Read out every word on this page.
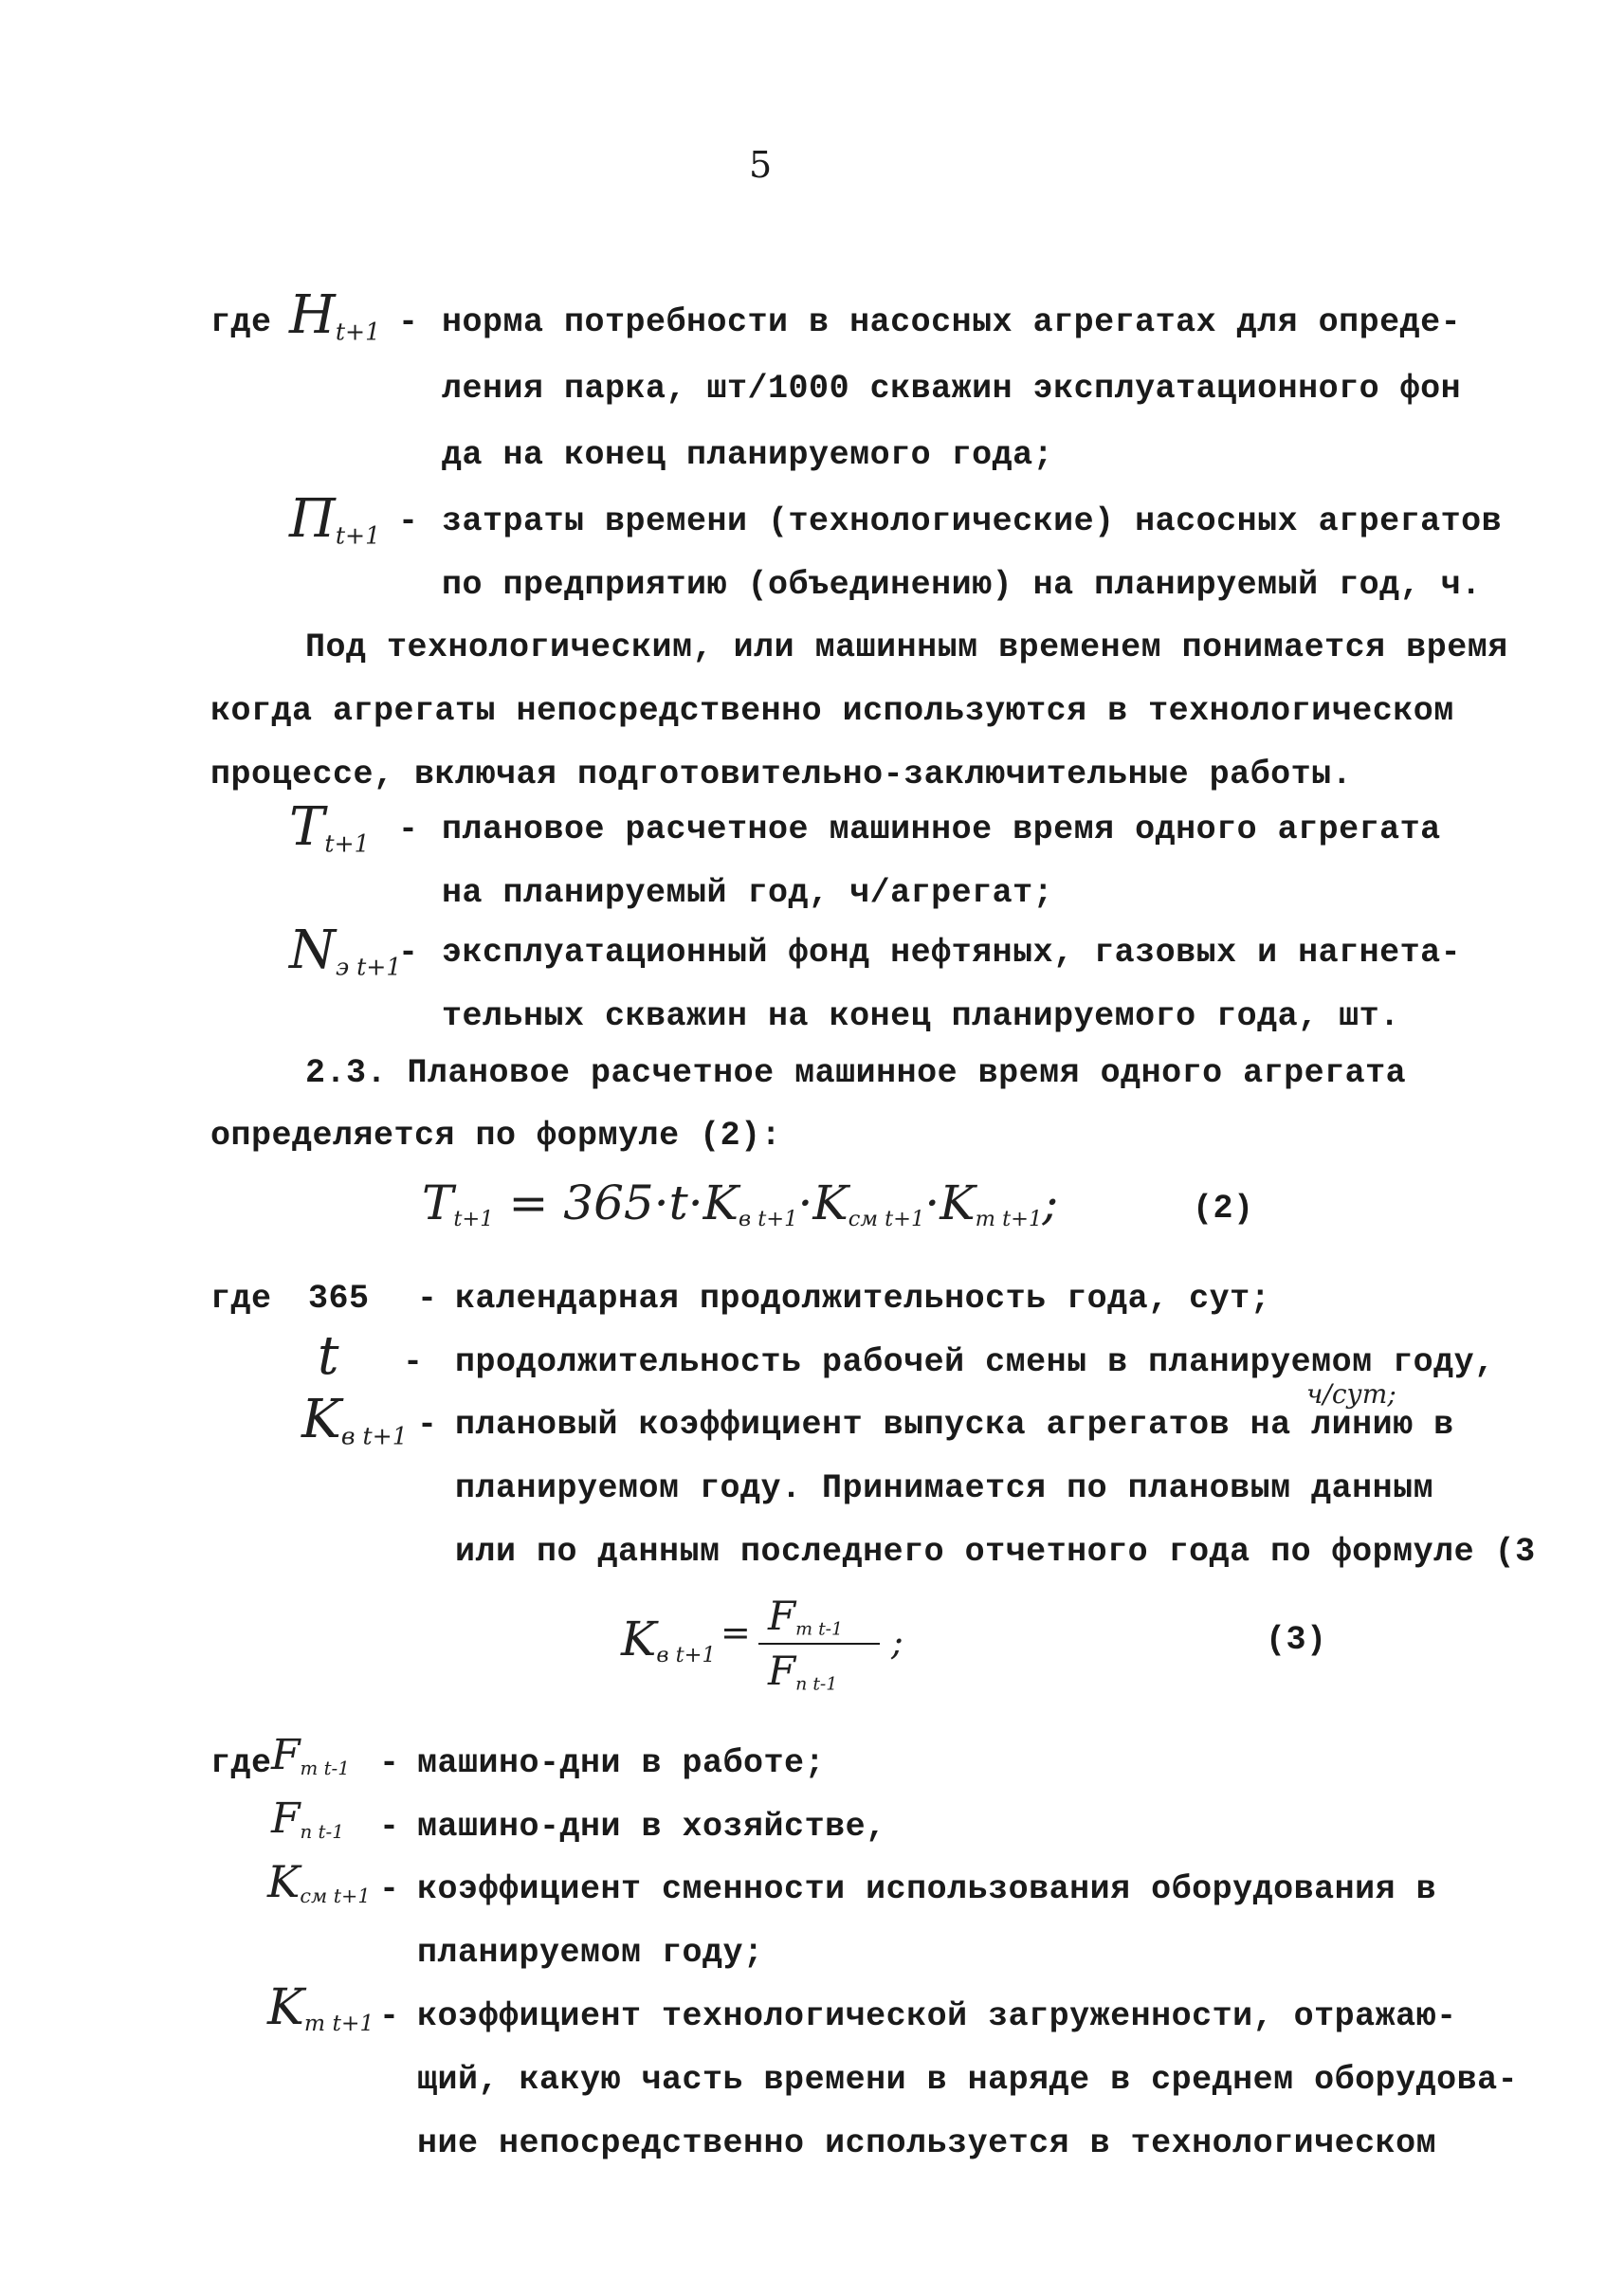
5
где $H_{t+1}$ - норма потребности в насосных агрегатах для опреде-
ления парка, шт/1000 скважин эксплуатационного фон
да на конец планируемого года;
$П_{t+1}$ - затраты времени (технологические) насосных агрегатов
по предприятию (объединению) на планируемый год, ч.
Под технологическим, или машинным временем понимается время
когда агрегаты непосредственно используются в технологическом
процессе, включая подготовительно-заключительные работы.
$T_{t+1}$ - плановое расчетное машинное время одного агрегата
на планируемый год, ч/агрегат;
$N_{э t+1}$
- эксплуатационный фонд нефтяных, газовых и нагнета-
тельных скважин на конец планируемого года, шт.
2.3. Плановое расчетное машинное время одного агрегата
определяется по формуле (2):
$T_{t+1} = 365\cdot t\cdot K_{в t+1}\cdot K_{см t+1}\cdot K_{т t+1}$;	(2)
где 365 - календарная продолжительность года, сут;
t - продолжительность рабочей смены в планируемом году,
ч/сут;
$K_{в t+1}$ - плановый коэффициент выпуска агрегатов на линию в
планируемом году. Принимается по плановым данным
или по данным последнего отчетного года по формуле (3
$K_{в t+1}$
= $F_{m t-1}$
$F_{n t-1}$
;	(3)
где $F_{m t-1}$ - машино-дни в работе;
$F_{n t-1}$ - машино-дни в хозяйстве,
$K_{см t+1}$ - коэффициент сменности использования оборудования в
планируемом году;
$K_{т t+1}$ - коэффициент технологической загруженности, отражаю-
щий, какую часть времени в наряде в среднем оборудова-
ние непосредственно используется в технологическом
